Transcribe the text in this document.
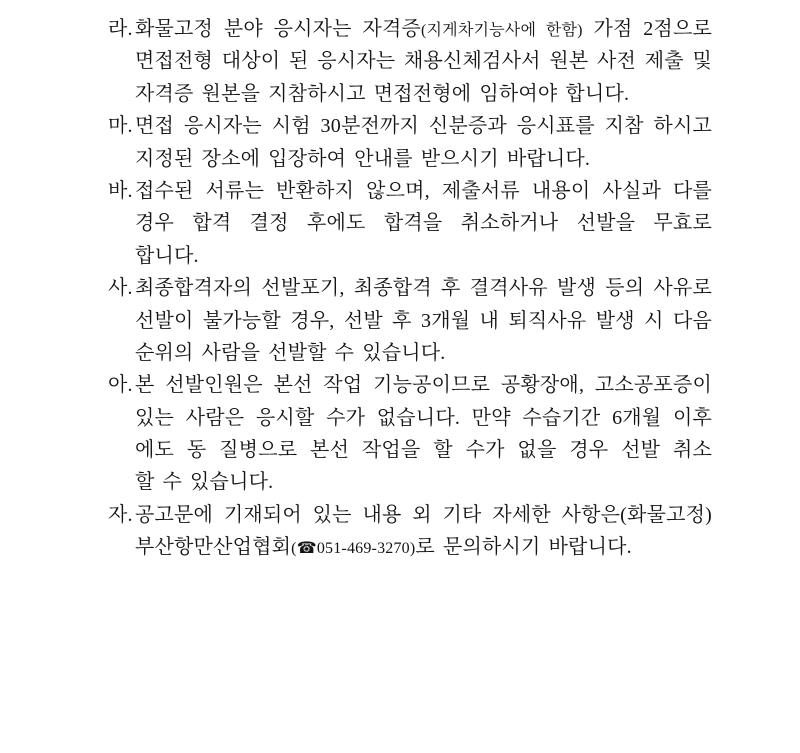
라. 화물고정 분야 응시자는 자격증(지게차기능사에 한함) 가점 2점으로
면접전형 대상이 된 응시자는 채용신체검사서 원본 사전 제출 및
자격증 원본을 지참하시고 면접전형에 임하여야 합니다.
마. 면접 응시자는 시험 30분전까지 신분증과 응시표를 지참 하시고
지정된 장소에 입장하여 안내를 받으시기 바랍니다.
바. 접수된 서류는 반환하지 않으며, 제출서류 내용이 사실과 다를
경우 합격 결정 후에도 합격을 취소하거나 선발을 무효로
합니다.
사. 최종합격자의 선발포기, 최종합격 후 결격사유 발생 등의 사유로
선발이 불가능할 경우, 선발 후 3개월 내 퇴직사유 발생 시 다음
순위의 사람을 선발할 수 있습니다.
아. 본 선발인원은 본선 작업 기능공이므로 공황장애, 고소공포증이
있는 사람은 응시할 수가 없습니다. 만약 수습기간 6개월 이후
에도 동 질병으로 본선 작업을 할 수가 없을 경우 선발 취소
할 수 있습니다.
자. 공고문에 기재되어 있는 내용 외 기타 자세한 사항은(화물고정)
부산항만산업협회(☎051-469-3270)로 문의하시기 바랍니다.
